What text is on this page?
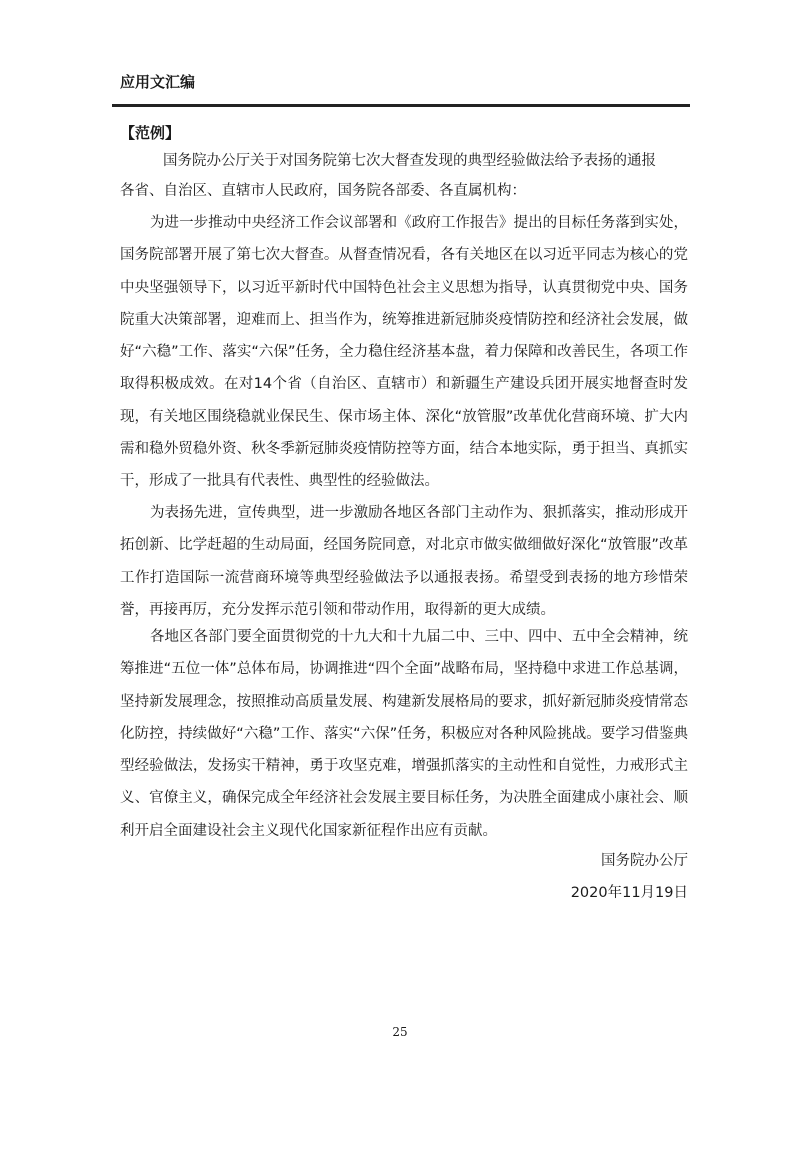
应用文汇编
【范例】
国务院办公厅关于对国务院第七次大督查发现的典型经验做法给予表扬的通报
各省、自治区、直辖市人民政府，国务院各部委、各直属机构：
为进一步推动中央经济工作会议部署和《政府工作报告》提出的目标任务落到实处，国务院部署开展了第七次大督查。从督查情况看，各有关地区在以习近平同志为核心的党中央坚强领导下，以习近平新时代中国特色社会主义思想为指导，认真贯彻党中央、国务院重大决策部署，迎难而上、担当作为，统筹推进新冠肺炎疫情防控和经济社会发展，做好“六稳”工作、落实“六保”任务，全力稳住经济基本盘，着力保障和改善民生，各项工作取得积极成效。在对14个省（自治区、直辖市）和新疆生产建设兵团开展实地督查时发现，有关地区围绕稳就业保民生、保市场主体、深化“放管服”改革优化营商环境、扩大内需和稳外贸稳外资、秋冬季新冠肺炎疫情防控等方面，结合本地实际，勇于担当、真抓实干，形成了一批具有代表性、典型性的经验做法。
为表扬先进，宣传典型，进一步激励各地区各部门主动作为、狠抓落实，推动形成开拓创新、比学赶超的生动局面，经国务院同意，对北京市做实做细做好深化“放管服”改革工作打造国际一流营商环境等典型经验做法予以通报表扬。希望受到表扬的地方珍惜荣誉，再接再厉，充分发挥示范引领和带动作用，取得新的更大成绩。
各地区各部门要全面贯彻党的十九大和十九届二中、三中、四中、五中全会精神，统筹推进“五位一体”总体布局，协调推进“四个全面”战略布局，坚持稳中求进工作总基调，坚持新发展理念，按照推动高质量发展、构建新发展格局的要求，抓好新冠肺炎疫情常态化防控，持续做好“六稳”工作、落实“六保”任务，积极应对各种风险挑战。要学习借鉴典型经验做法，发扬实干精神，勇于攻坚克难，增强抓落实的主动性和自觉性，力戒形式主义、官僚主义，确保完成全年经济社会发展主要目标任务，为决胜全面建成小康社会、顺利开启全面建设社会主义现代化国家新征程作出应有贡献。
国务院办公厅
2020年11月19日
25
